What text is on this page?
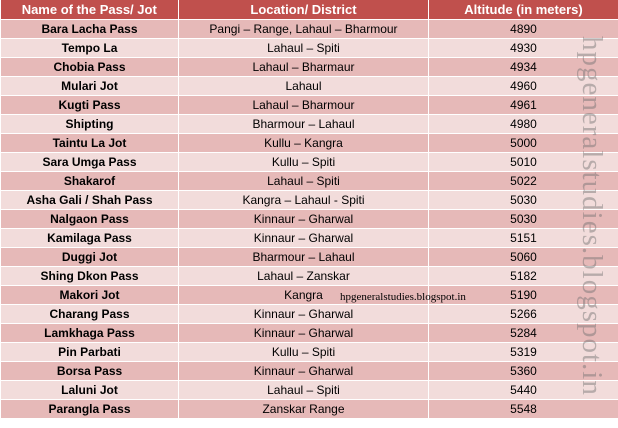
Name of the Pass/ Jot	Location/ District	Altitude (in meters)
Bara Lacha Pass	Pangi – Range, Lahaul – Bharmour	4890
Tempo La	Lahaul – Spiti	4930
Chobia Pass	Lahaul – Bharmaur	4934
Mulari Jot	Lahaul	4960
Kugti Pass	Lahaul – Bharmour	4961
Shipting	Bharmour – Lahaul	4980
Taintu La Jot	Kullu – Kangra	5000
Sara Umga Pass	Kullu – Spiti	5010
Shakarof	Lahaul – Spiti	5022
Asha Gali / Shah Pass	Kangra – Lahaul - Spiti	5030
Nalgaon Pass	Kinnaur – Gharwal	5030
Kamilaga Pass	Kinnaur – Gharwal	5151
Duggi Jot	Bharmour – Lahaul	5060
Shing Dkon Pass	Lahaul – Zanskar	5182
Makori Jot	Kangra	5190
Charang Pass	Kinnaur – Gharwal	5266
Lamkhaga Pass	Kinnaur – Gharwal	5284
Pin Parbati	Kullu – Spiti	5319
Borsa Pass	Kinnaur – Gharwal	5360
Laluni Jot	Lahaul – Spiti	5440
Parangla Pass	Zanskar Range	5548
hpgeneralstudies.blogspot.in
hpgeneralstudies.blogspot.in
